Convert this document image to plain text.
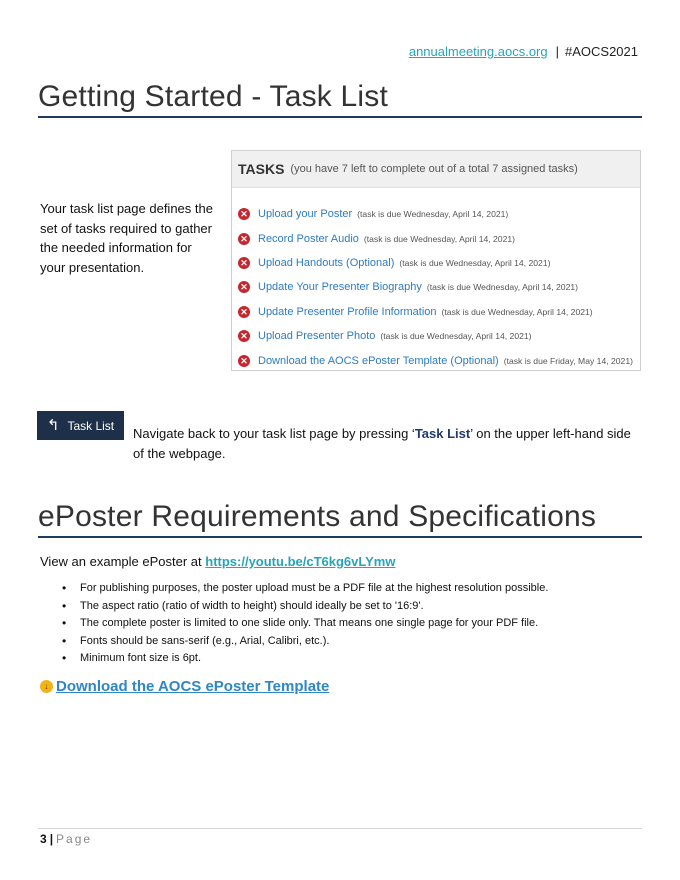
annualmeeting.aocs.org | #AOCS2021
Getting Started - Task List

Your task list page defines the set of tasks required to gather the needed information for your presentation.

TASKS (you have 7 left to complete out of a total 7 assigned tasks)
✕ Upload your Poster (task is due Wednesday, April 14, 2021)
✕ Record Poster Audio (task is due Wednesday, April 14, 2021)
✕ Upload Handouts (Optional) (task is due Wednesday, April 14, 2021)
✕ Update Your Presenter Biography (task is due Wednesday, April 14, 2021)
✕ Update Presenter Profile Information (task is due Wednesday, April 14, 2021)
✕ Upload Presenter Photo (task is due Wednesday, April 14, 2021)
✕ Download the AOCS ePoster Template (Optional) (task is due Friday, May 14, 2021)
↰ Task List

Navigate back to your task list page by pressing ‘Task List’ on the upper left-hand side of the webpage.

ePoster Requirements and Specifications
View an example ePoster at https://youtu.be/cT6kg6vLYmw
• For publishing purposes, the poster upload must be a PDF file at the highest resolution possible.
• The aspect ratio (ratio of width to height) should ideally be set to '16:9'.
• The complete poster is limited to one slide only. That means one single page for your PDF file.
• Fonts should be sans-serif (e.g., Arial, Calibri, etc.).
• Minimum font size is 6pt.
↓ Download the AOCS ePoster Template
3 | Page
